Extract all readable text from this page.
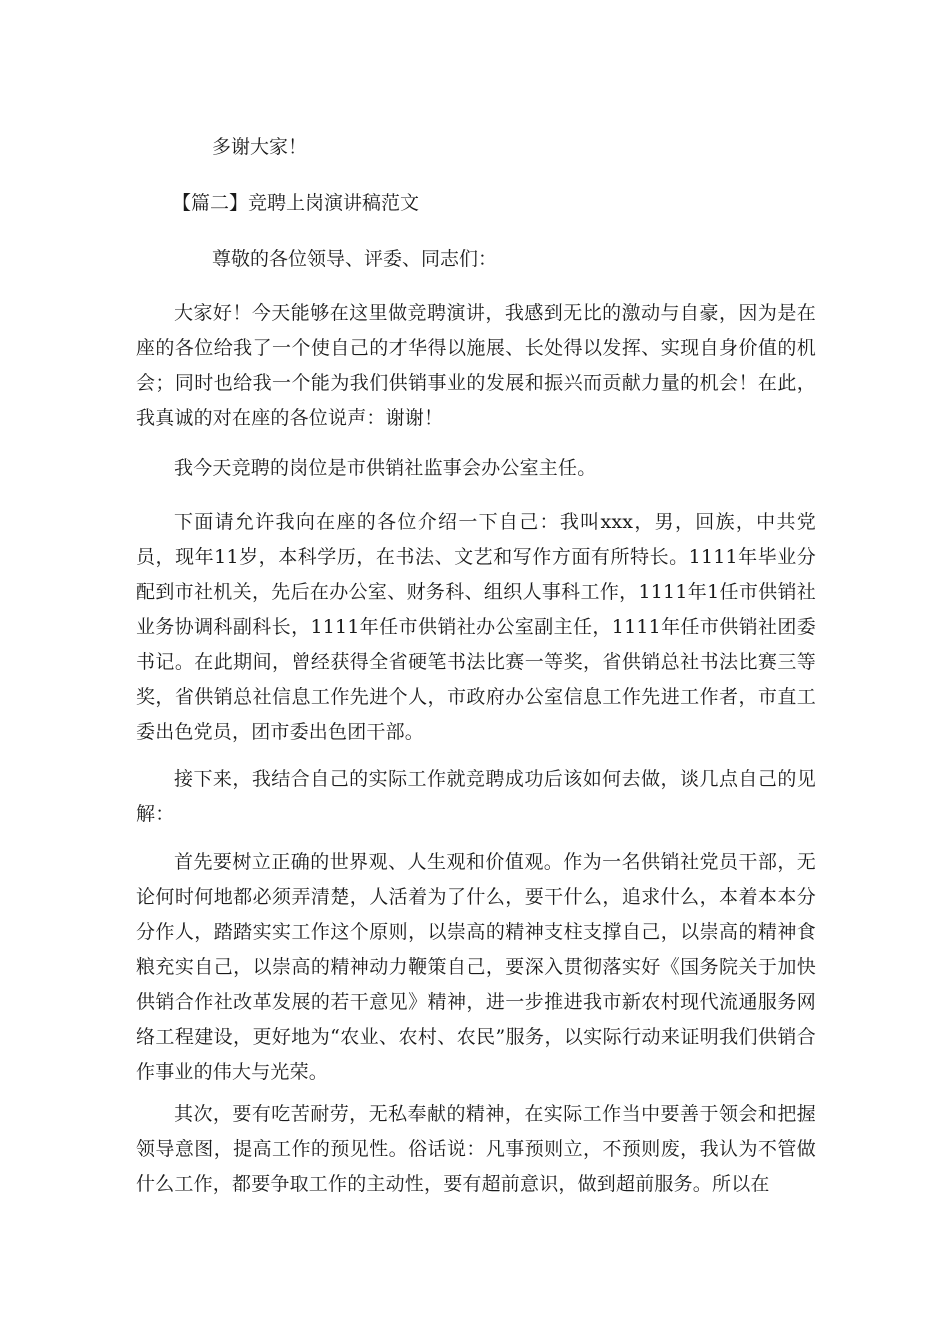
多谢大家！

【篇二】竞聘上岗演讲稿范文

尊敬的各位领导、评委、同志们：

大家好！今天能够在这里做竞聘演讲，我感到无比的激动与自豪，因为是在座的各位给我了一个使自己的才华得以施展、长处得以发挥、实现自身价值的机会；同时也给我一个能为我们供销事业的发展和振兴而贡献力量的机会！在此，我真诚的对在座的各位说声：谢谢！

我今天竞聘的岗位是市供销社监事会办公室主任。

下面请允许我向在座的各位介绍一下自己：我叫xxx，男，回族，中共党员，现年11岁，本科学历，在书法、文艺和写作方面有所特长。1111年毕业分配到市社机关，先后在办公室、财务科、组织人事科工作，1111年1任市供销社业务协调科副科长，1111年任市供销社办公室副主任，1111年任市供销社团委书记。在此期间，曾经获得全省硬笔书法比赛一等奖，省供销总社书法比赛三等奖，省供销总社信息工作先进个人，市政府办公室信息工作先进工作者，市直工委出色党员，团市委出色团干部。

接下来，我结合自己的实际工作就竞聘成功后该如何去做，谈几点自己的见解：

首先要树立正确的世界观、人生观和价值观。作为一名供销社党员干部，无论何时何地都必须弄清楚，人活着为了什么，要干什么，追求什么，本着本本分分作人，踏踏实实工作这个原则，以崇高的精神支柱支撑自己，以崇高的精神食粮充实自己，以崇高的精神动力鞭策自己，要深入贯彻落实好《国务院关于加快供销合作社改革发展的若干意见》精神，进一步推进我市新农村现代流通服务网络工程建设，更好地为“农业、农村、农民”服务，以实际行动来证明我们供销合作事业的伟大与光荣。

其次，要有吃苦耐劳，无私奉献的精神，在实际工作当中要善于领会和把握领导意图，提高工作的预见性。俗话说：凡事预则立，不预则废，我认为不管做什么工作，都要争取工作的主动性，要有超前意识，做到超前服务。所以在
